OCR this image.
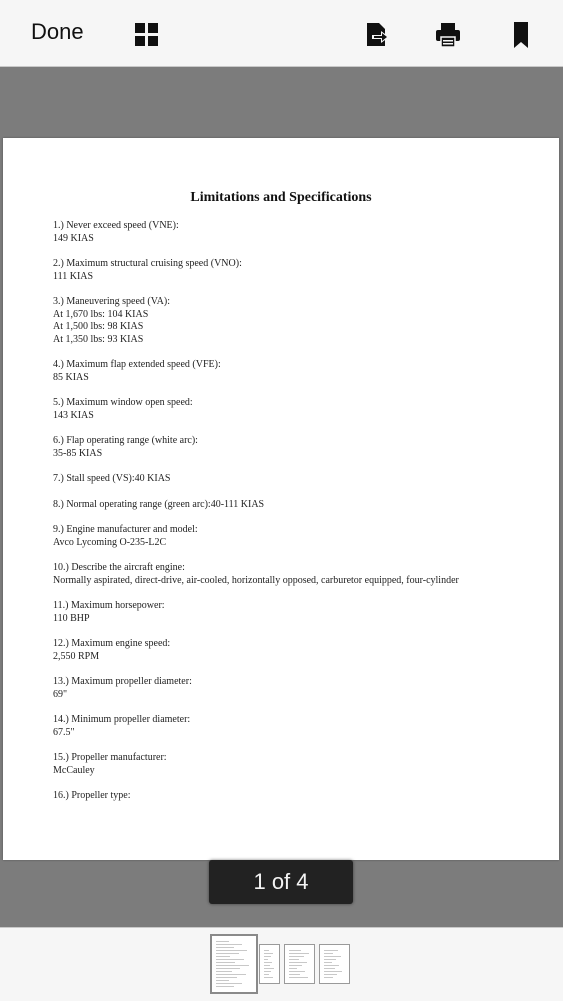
Done
Limitations and Specifications
1.) Never exceed speed (VNE):
149 KIAS
2.) Maximum structural cruising speed (VNO):
111 KIAS
3.) Maneuvering speed (VA):
At 1,670 lbs: 104 KIAS
At 1,500 lbs: 98 KIAS
At 1,350 lbs: 93 KIAS
4.) Maximum flap extended speed (VFE):
85 KIAS
5.) Maximum window open speed:
143 KIAS
6.) Flap operating range (white arc):
35-85 KIAS
7.) Stall speed (VS):40 KIAS
8.) Normal operating range (green arc):40-111 KIAS
9.) Engine manufacturer and model:
Avco Lycoming O-235-L2C
10.) Describe the aircraft engine:
Normally aspirated, direct-drive, air-cooled, horizontally opposed, carburetor equipped, four-cylinder
11.) Maximum horsepower:
110 BHP
12.) Maximum engine speed:
2,550 RPM
13.) Maximum propeller diameter:
69"
14.) Minimum propeller diameter:
67.5"
15.) Propeller manufacturer:
McCauley
16.) Propeller type:
1 of 4
